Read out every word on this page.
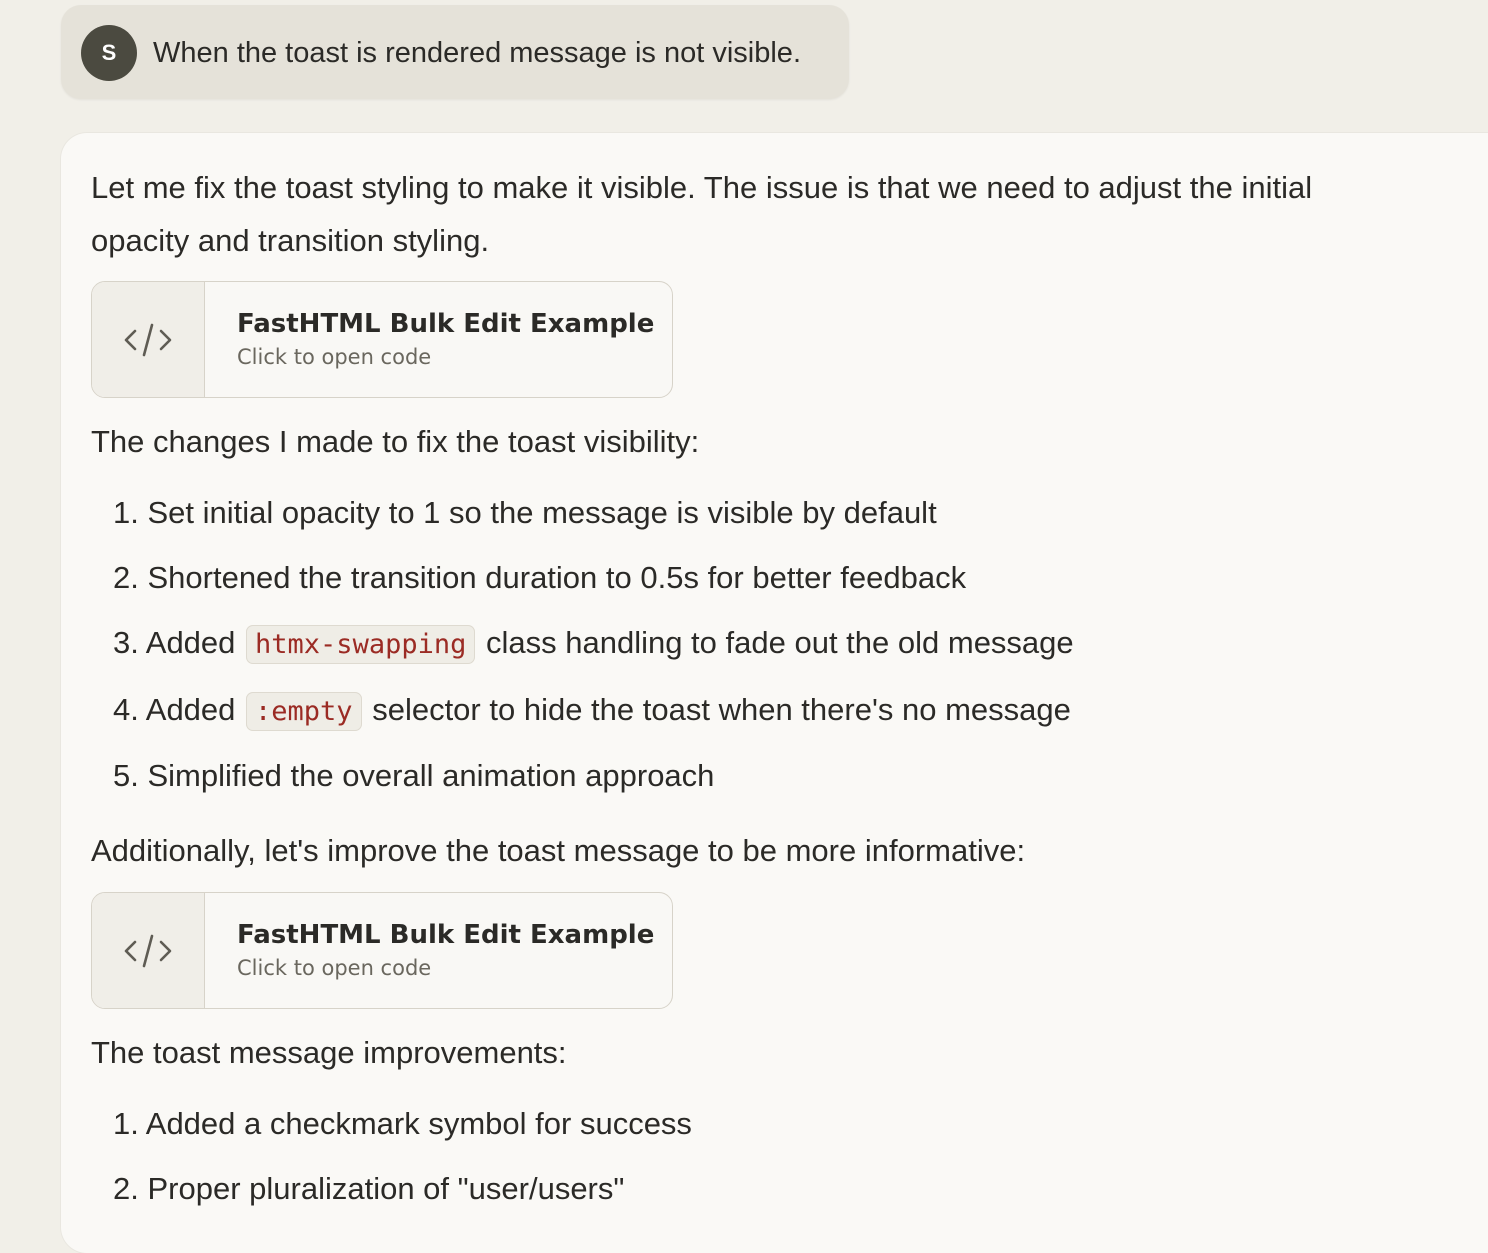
S	When the toast is rendered message is not visible.
Let me fix the toast styling to make it visible. The issue is that we need to adjust the initial
opacity and transition styling.
FastHTML Bulk Edit Example
Click to open code
The changes I made to fix the toast visibility:
1. Set initial opacity to 1 so the message is visible by default
2. Shortened the transition duration to 0.5s for better feedback
3. Added htmx-swapping class handling to fade out the old message
4. Added :empty selector to hide the toast when there's no message
5. Simplified the overall animation approach
Additionally, let's improve the toast message to be more informative:
FastHTML Bulk Edit Example
Click to open code
The toast message improvements:
1. Added a checkmark symbol for success
2. Proper pluralization of "user/users"
